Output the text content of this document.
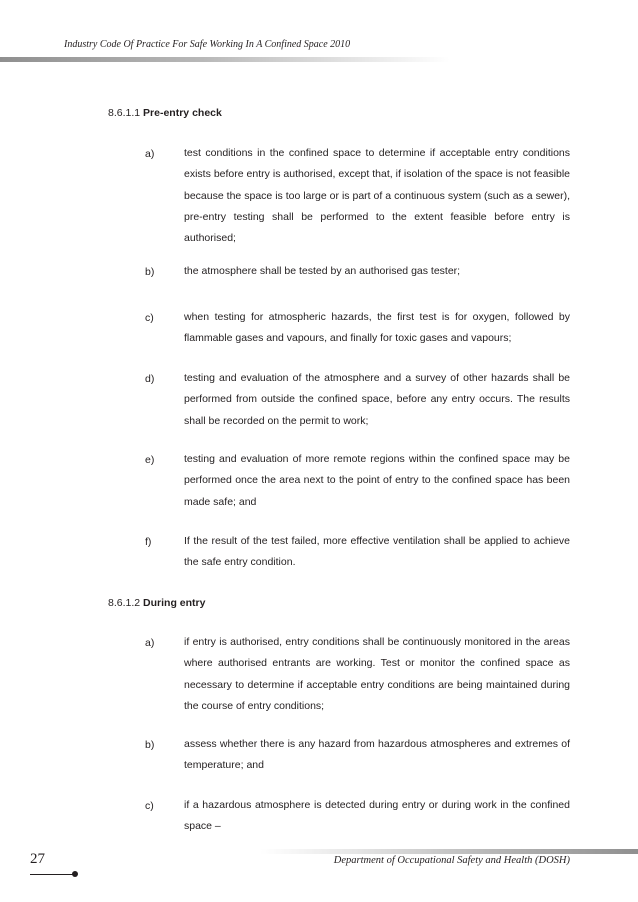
Industry Code Of Practice For Safe Working In A Confined Space 2010
8.6.1.1 Pre-entry check
a)	test conditions in the confined space to determine if acceptable entry conditions exists before entry is authorised, except that, if isolation of the space is not feasible because the space is too large or is part of a continuous system (such as a sewer), pre-entry testing shall be performed to the extent feasible before entry is authorised;
b)	the atmosphere shall be tested by an authorised gas tester;
c)	when testing for atmospheric hazards, the first test is for oxygen, followed by flammable gases and vapours, and finally for toxic gases and vapours;
d)	testing and evaluation of the atmosphere and a survey of other hazards shall be performed from outside the confined space, before any entry occurs. The results shall be recorded on the permit to work;
e)	testing and evaluation of more remote regions within the confined space may be performed once the area next to the point of entry to the confined space has been made safe; and
f)	If the result of the test failed, more effective ventilation shall be applied to achieve the safe entry condition.
8.6.1.2 During entry
a)	if entry is authorised, entry conditions shall be continuously monitored in the areas where authorised entrants are working. Test or monitor the confined space as necessary to determine if acceptable entry conditions are being maintained during the course of entry conditions;
b)	assess whether there is any hazard from hazardous atmospheres and extremes of temperature; and
c)	if a hazardous atmosphere is detected during entry or during work in the confined space –
27	Department of Occupational Safety and Health (DOSH)
